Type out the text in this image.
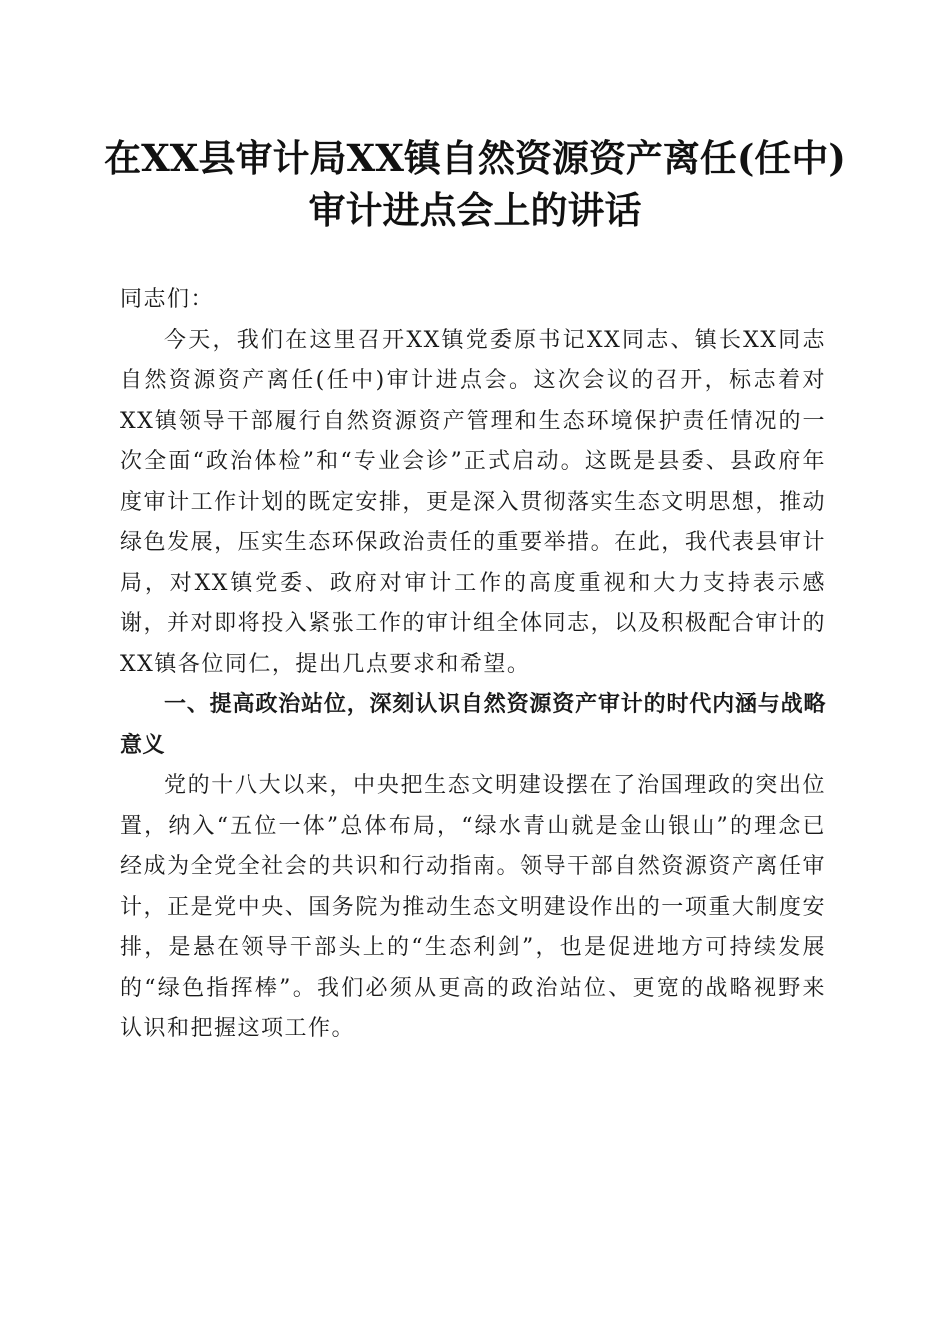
在XX县审计局XX镇自然资源资产离任(任中)审计进点会上的讲话

同志们：

今天，我们在这里召开XX镇党委原书记XX同志、镇长XX同志自然资源资产离任(任中)审计进点会。这次会议的召开，标志着对XX镇领导干部履行自然资源资产管理和生态环境保护责任情况的一次全面“政治体检”和“专业会诊”正式启动。这既是县委、县政府年度审计工作计划的既定安排，更是深入贯彻落实生态文明思想，推动绿色发展，压实生态环保政治责任的重要举措。在此，我代表县审计局，对XX镇党委、政府对审计工作的高度重视和大力支持表示感谢，并对即将投入紧张工作的审计组全体同志，以及积极配合审计的XX镇各位同仁，提出几点要求和希望。

一、提高政治站位，深刻认识自然资源资产审计的时代内涵与战略意义

党的十八大以来，中央把生态文明建设摆在了治国理政的突出位置，纳入“五位一体”总体布局，“绿水青山就是金山银山”的理念已经成为全党全社会的共识和行动指南。领导干部自然资源资产离任审计，正是党中央、国务院为推动生态文明建设作出的一项重大制度安排，是悬在领导干部头上的“生态利剑”，也是促进地方可持续发展的“绿色指挥棒”。我们必须从更高的政治站位、更宽的战略视野来认识和把握这项工作。
